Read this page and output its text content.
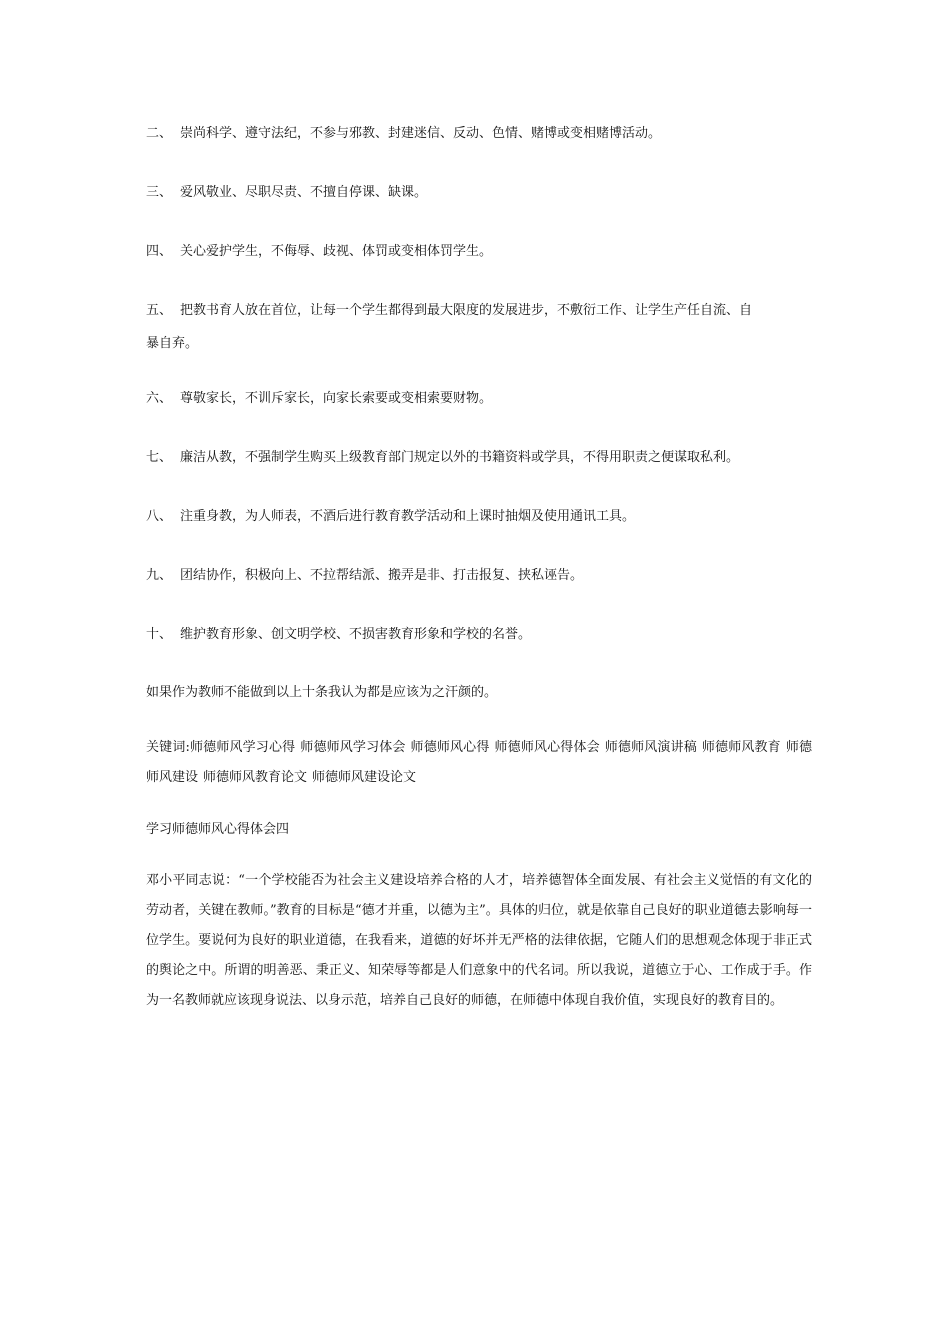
二、 崇尚科学、遵守法纪，不参与邪教、封建迷信、反动、色情、赌博或变相赌博活动。
三、 爱风敬业、尽职尽责、不擅自停课、缺课。
四、 关心爱护学生，不侮辱、歧视、体罚或变相体罚学生。
五、 把教书育人放在首位，让每一个学生都得到最大限度的发展进步，不敷衍工作、让学生产任自流、自
暴自弃。
六、 尊敬家长，不训斥家长，向家长索要或变相索要财物。
七、 廉洁从教，不强制学生购买上级教育部门规定以外的书籍资料或学具，不得用职责之便谋取私利。
八、 注重身教，为人师表，不酒后进行教育教学活动和上课时抽烟及使用通讯工具。
九、 团结协作，积极向上、不拉帮结派、搬弄是非、打击报复、挟私诬告。
十、 维护教育形象、创文明学校、不损害教育形象和学校的名誉。
如果作为教师不能做到以上十条我认为都是应该为之汗颜的。
关键词:师德师风学习心得 师德师风学习体会 师德师风心得 师德师风心得体会 师德师风演讲稿 师德师风教育 师德师风建设 师德师风教育论文 师德师风建设论文
学习师德师风心得体会四
邓小平同志说：“一个学校能否为社会主义建设培养合格的人才，培养德智体全面发展、有社会主义觉悟的有文化的劳动者，关键在教师。”教育的目标是“德才并重，以德为主”。具体的归位，就是依靠自己良好的职业道德去影响每一位学生。要说何为良好的职业道德，在我看来，道德的好坏并无严格的法律依据，它随人们的思想观念体现于非正式的舆论之中。所谓的明善恶、秉正义、知荣辱等都是人们意象中的代名词。所以我说，道德立于心、工作成于手。作为一名教师就应该现身说法、以身示范，培养自己良好的师德，在师德中体现自我价值，实现良好的教育目的。
